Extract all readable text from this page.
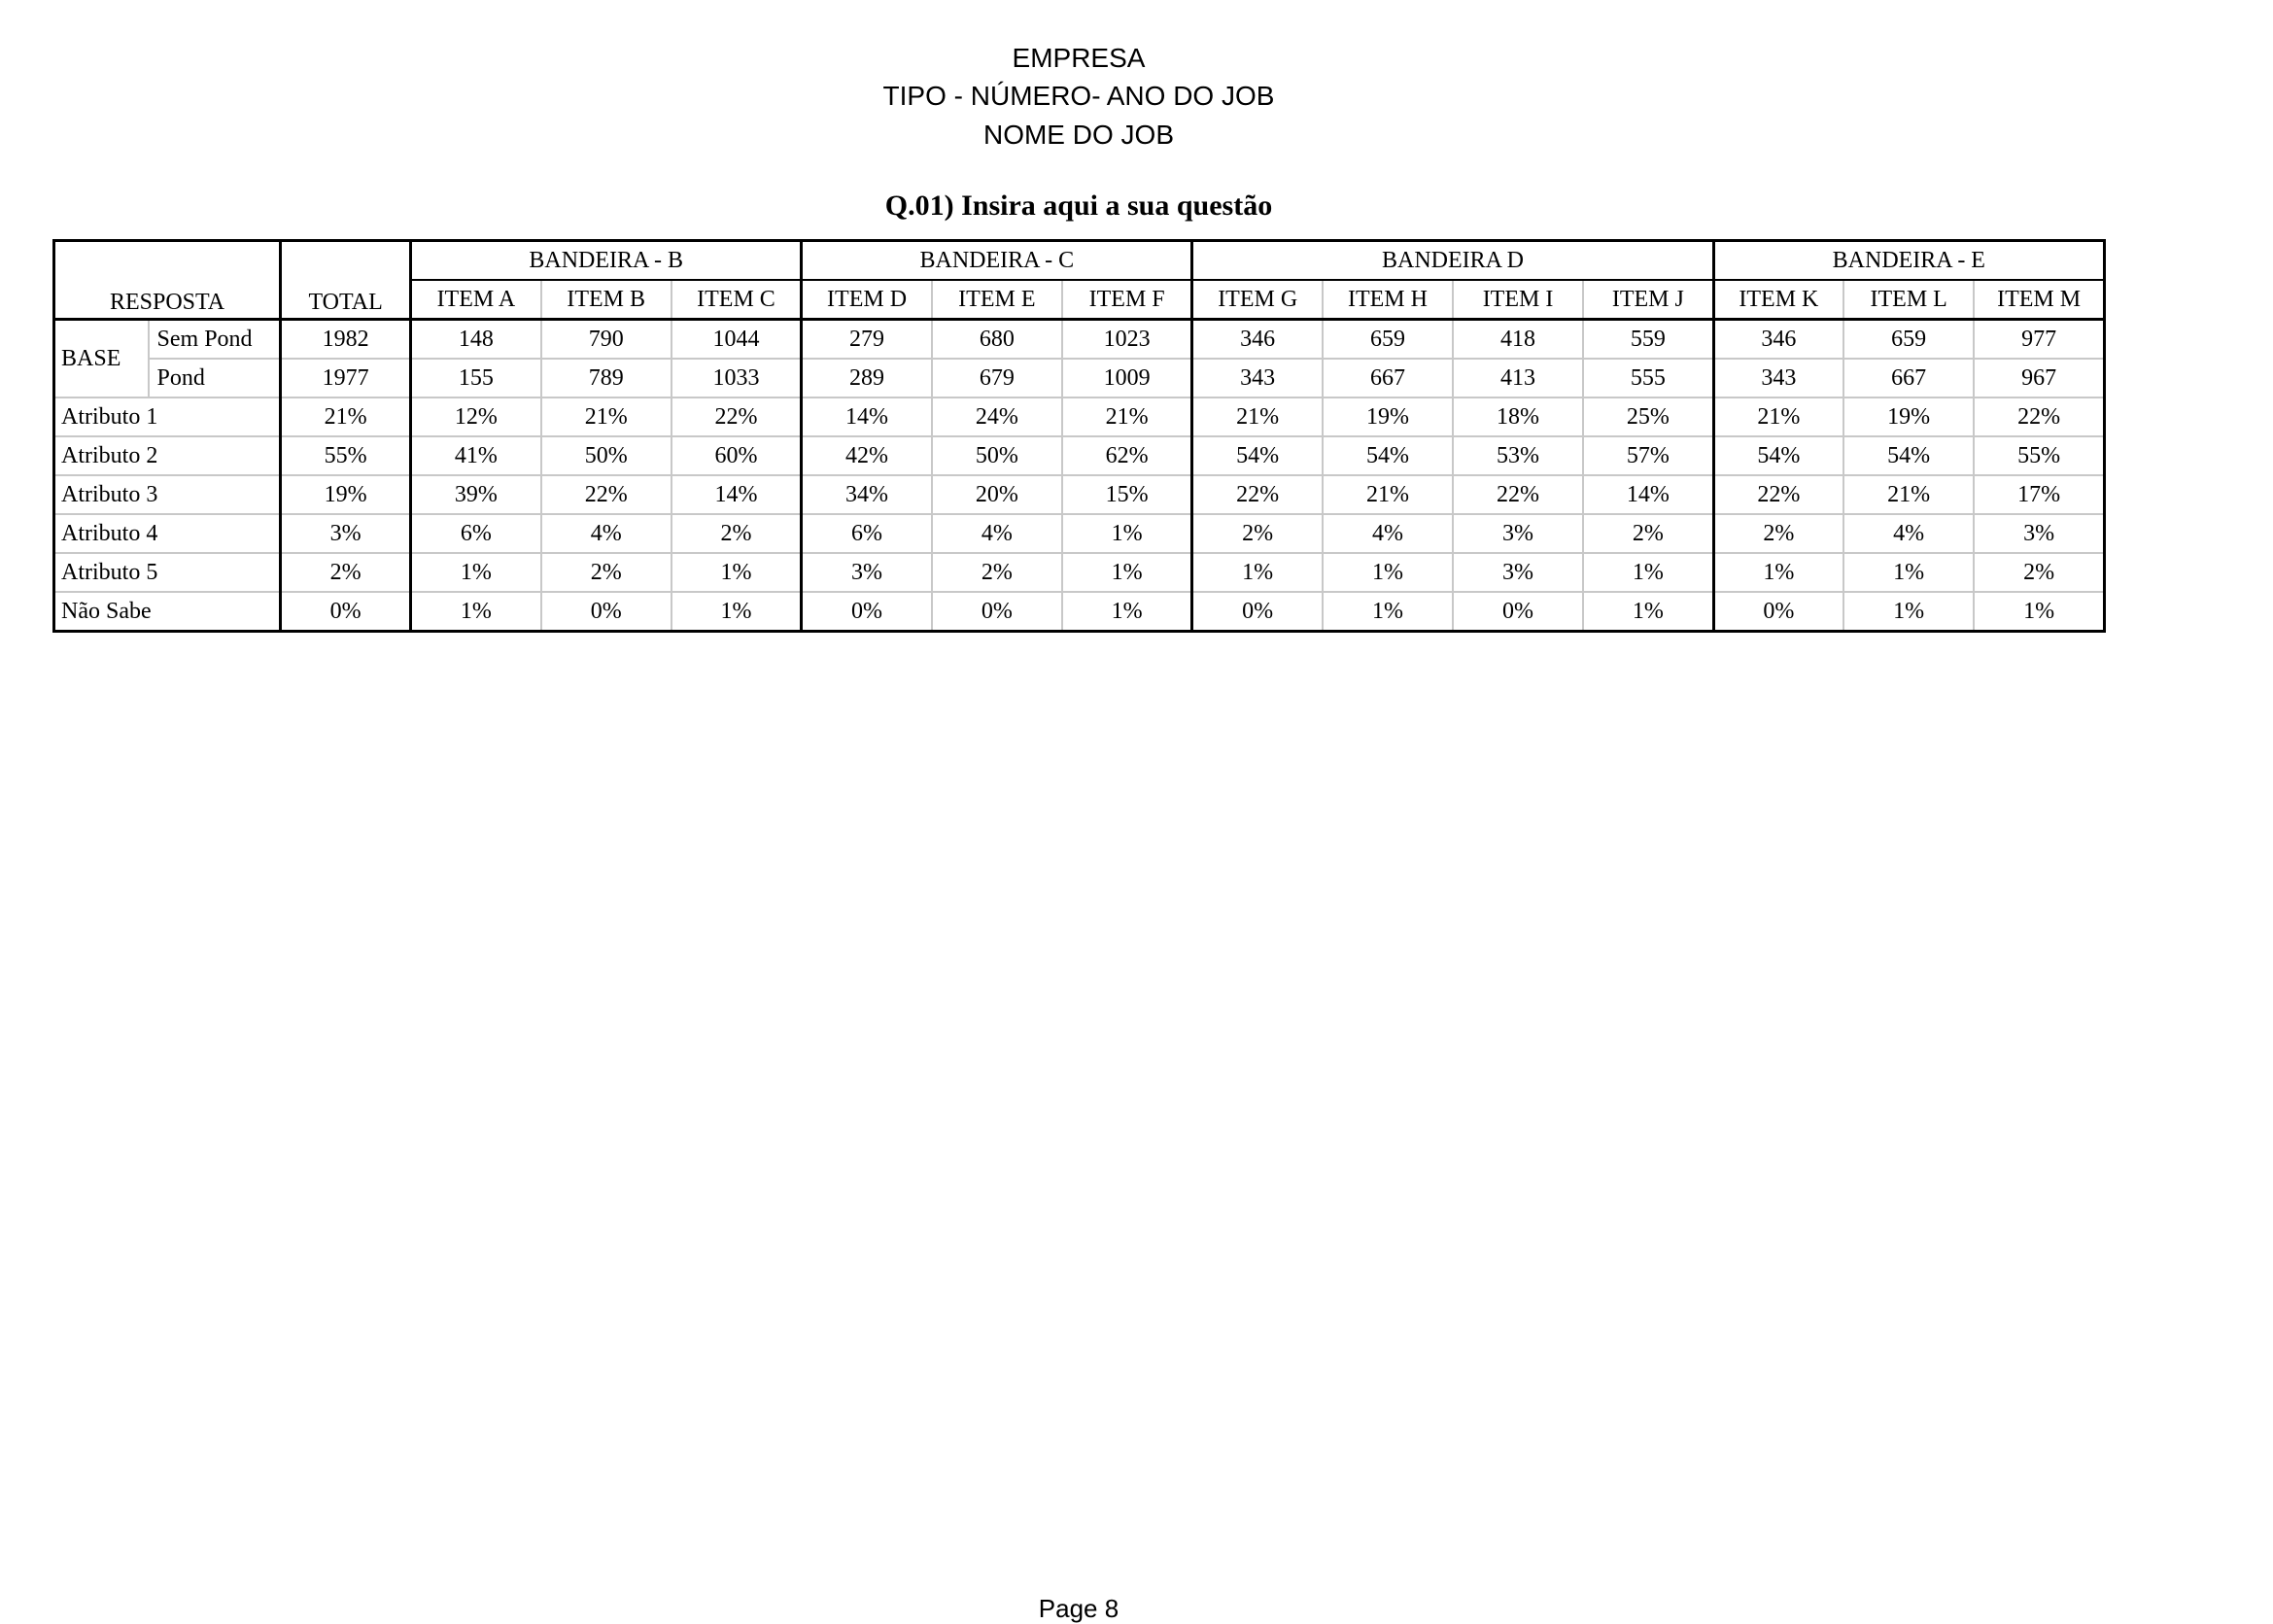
EMPRESA
TIPO - NÚMERO- ANO DO JOB
NOME DO JOB
Q.01) Insira aqui a sua questão
RESPOSTA		TOTAL	BANDEIRA - B			BANDEIRA - C			BANDEIRA D				BANDEIRA - E		
			ITEM A	ITEM B	ITEM C	ITEM D	ITEM E	ITEM F	ITEM G	ITEM H	ITEM I	ITEM J	ITEM K	ITEM L	ITEM M
BASE	Sem Pond	1982	148	790	1044	279	680	1023	346	659	418	559	346	659	977
	Pond	1977	155	789	1033	289	679	1009	343	667	413	555	343	667	967
Atributo 1		21%	12%	21%	22%	14%	24%	21%	21%	19%	18%	25%	21%	19%	22%
Atributo 2		55%	41%	50%	60%	42%	50%	62%	54%	54%	53%	57%	54%	54%	55%
Atributo 3		19%	39%	22%	14%	34%	20%	15%	22%	21%	22%	14%	22%	21%	17%
Atributo 4		3%	6%	4%	2%	6%	4%	1%	2%	4%	3%	2%	2%	4%	3%
Atributo 5		2%	1%	2%	1%	3%	2%	1%	1%	1%	3%	1%	1%	1%	2%
Não Sabe		0%	1%	0%	1%	0%	0%	1%	0%	1%	0%	1%	0%	1%	1%
Page 8
